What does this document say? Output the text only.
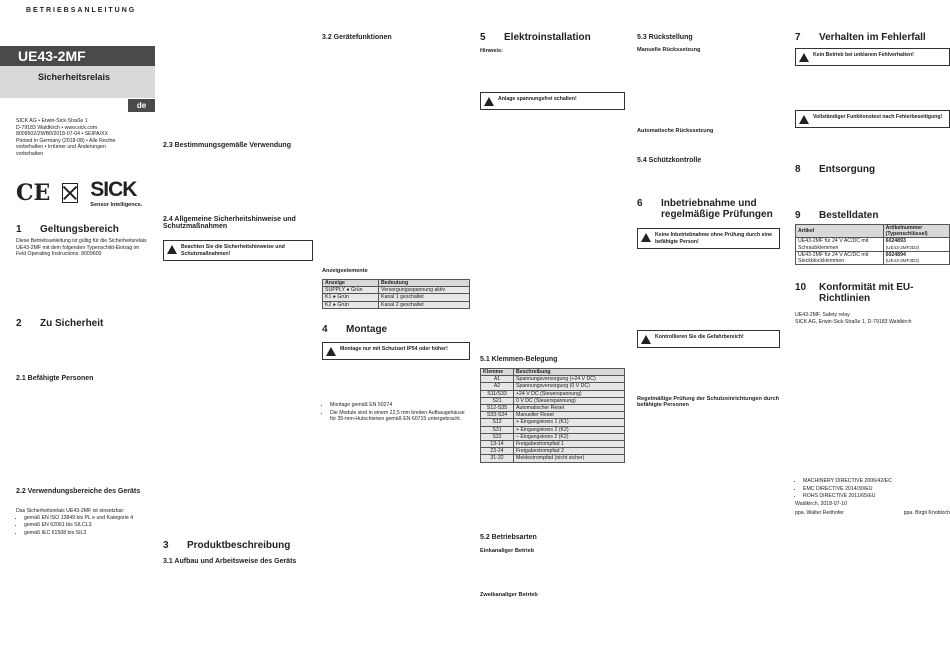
BETRIEBSANLEITUNG
UE43-2MF
Sicherheitsrelais
de
SICK AG • Erwin-Sick-Straße 1
D-79183 Waldkirch • www.sick.com
8009502/ZWB0/2018-07-04 • SEIPA/XX
Printed in Germany (2018-08) • Alle Rechte
vorbehalten • Irrtümer und Änderungen
vorbehalten
CE SICK
Sensor Intelligence.
1	Geltungsbereich
Diese Betriebsanleitung ist gültig für die Sicherheitsrelais UE43-2MF mit dem folgenden Typenschild-Eintrag im Feld Operating Instructions: 8009600
2	Zu Sicherheit
2.1 Befähigte Personen
2.2 Verwendungsbereiche des Geräts
Das Sicherheitsrelais UE43-2MF ist einsetzbar:
• gemäß EN ISO 13849 bis PL e und Kategorie 4
• gemäß EN 62061 bis SILCL3
• gemäß IEC 61508 bis SIL3
2.3 Bestimmungsgemäße Verwendung
2.4 Allgemeine Sicherheitshinweise und Schutzmaßnahmen
Beachten Sie die Sicherheitshinweise und Schutzmaßnahmen!
3	Produktbeschreibung
3.1 Aufbau und Arbeitsweise des Geräts
3.2 Gerätefunktionen
Anzeigeelemente
Anzeige	Bedeutung
SUPPLY ● Grün	Versorgungsspannung aktiv
K1 ● Grün	Kanal 1 geschaltet
K2 ● Grün	Kanal 2 geschaltet
4	Montage
Montage nur mit Schutzart IP54 oder höher!
• Montage gemäß EN 50274
• Die Module sind in einem 22,5 mm breiten Aufbaugehäuse für 35-mm-Hutschienen gemäß EN 60715 untergebracht.
5	Elektroinstallation
Hinweis:
Anlage spannungsfrei schalten!
5.1 Klemmen-Belegung
Klemme	Beschreibung
A1	Spannungsversorgung (+24 V DC)
A2	Spannungsversorgung (0 V DC)
S11/S33	+24 V DC (Steuerspannung)
S21	0 V DC (Steuerspannung)
S12-S35	Automatischer Reset
S33-S34	Manueller Reset
S12	+ Eingangskreis 1 (K1)
S31	+ Eingangskreis 2 (K2)
S22	– Eingangskreis 2 (K2)
13-14	Freigabestrompfad 1
23-24	Freigabestrompfad 2
31-32	Meldestrompfad (nicht sicher)
5.2 Betriebsarten
Einkanaliger Betrieb
Zweikanaliger Betrieb
5.3 Rückstellung
Manuelle Rückssetzung
Automatische Rückssetzung
5.4 Schützkontrolle
6	Inbetriebnahme und regelmäßige Prüfungen
Keine Inbetriebnahme ohne Prüfung durch eine befähigte Person!
Kontrollieren Sie die Gefahrbereich!
Regelmäßige Prüfung der Schutzeinrichtungen durch befähigte Personen
7	Verhalten im Fehlerfall
Kein Betrieb bei unklarem Fehlverhalten!
Vollständiger Funktionstest nach Fehlerbeseitigung!
8	Entsorgung
9	Bestelldaten
Artikel	Artikelnummer (Typenschlüssel)
UE43-2MF für 24 V AC/DC mit Schraubklemmen	6024893
(UE43-2MF2D2)
UE43-2MF für 24 V AC/DC mit Steckblockklemmen	6024894
(UE43-2MF3D2)
10 Konformität mit EU-Richtlinien
UE43-2MF, Safety relay
SICK AG, Erwin-Sick-Straße 1, D-79183 Waldkirch
• MACHINERY DIRECTIVE 2006/42/EC
• EMC DIRECTIVE 2014/30/EU
• ROHS DIRECTIVE 2011/65/EU
Waldkirch, 2018-07-10
ppa. Walter Reithofer	ppa. Birgit Knobloch
